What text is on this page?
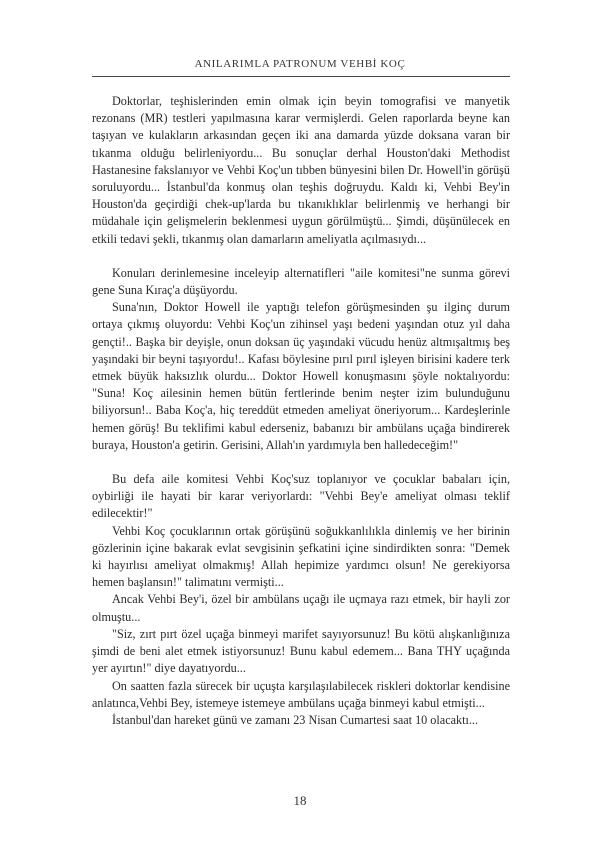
ANILARIMLA PATRONUM VEHBİ KOÇ

Doktorlar, teşhislerinden emin olmak için beyin tomografisi ve manyetik rezonans (MR) testleri yapılmasına karar vermişlerdi. Gelen raporlarda beyne kan taşıyan ve kulakların arkasından geçen iki ana damarda yüzde doksana varan bir tıkanma olduğu belirleniyordu... Bu sonuçlar derhal Houston'daki Methodist Hastanesine fakslanıyor ve Vehbi Koç'un tıbben bünyesini bilen Dr. Howell'in görüşü soruluyordu... İstanbul'da konmuş olan teşhis doğruydu. Kaldı ki, Vehbi Bey'in Houston'da geçirdiği chek-up'larda bu tıkanıklıklar belirlenmiş ve herhangi bir müdahale için gelişmelerin beklenmesi uygun görülmüştü... Şimdi, düşünülecek en etkili tedavi şekli, tıkanmış olan damarların ameliyatla açılmasıydı...

Konuları derinlemesine inceleyip alternatifleri "aile komitesi"ne sunma görevi gene Suna Kıraç'a düşüyordu.

Suna'nın, Doktor Howell ile yaptığı telefon görüşmesinden şu ilginç durum ortaya çıkmış oluyordu: Vehbi Koç'un zihinsel yaşı bedeni yaşından otuz yıl daha gençti!.. Başka bir deyişle, onun doksan üç yaşındaki vücudu henüz altmışaltmış beş yaşındaki bir beyni taşıyordu!.. Kafası böylesine pırıl pırıl işleyen birisini kadere terk etmek büyük haksızlık olurdu... Doktor Howell konuşmasını şöyle noktalıyordu: "Suna! Koç ailesinin hemen bütün fertlerinde benim neşter izim bulunduğunu biliyorsun!.. Baba Koç'a, hiç tereddüt etmeden ameliyat öneriyorum... Kardeşlerinle hemen görüş! Bu teklifimi kabul ederseniz, babanızı bir ambülans uçağa bindirerek buraya, Houston'a getirin. Gerisini, Allah'ın yardımıyla ben halledeceğim!"

Bu defa aile komitesi Vehbi Koç'suz toplanıyor ve çocuklar babaları için, oybirliği ile hayati bir karar veriyorlardı: "Vehbi Bey'e ameliyat olması teklif edilecektir!"

Vehbi Koç çocuklarının ortak görüşünü soğukkanlılıkla dinlemiş ve her birinin gözlerinin içine bakarak evlat sevgisinin şefkatini içine sindirdikten sonra: "Demek ki hayırlısı ameliyat olmakmış! Allah hepimize yardımcı olsun! Ne gerekiyorsa hemen başlansın!" talimatını vermişti...

Ancak Vehbi Bey'i, özel bir ambülans uçağı ile uçmaya razı etmek, bir hayli zor olmuştu...

"Siz, zırt pırt özel uçağa binmeyi marifet sayıyorsunuz! Bu kötü alışkanlığınıza şimdi de beni alet etmek istiyorsunuz! Bunu kabul edemem... Bana THY uçağında yer ayırtın!" diye dayatıyordu...

On saatten fazla sürecek bir uçuşta karşılaşılabilecek riskleri doktorlar kendisine anlatınca,Vehbi Bey, istemeye istemeye ambülans uçağa binmeyi kabul etmişti...

İstanbul'dan hareket günü ve zamanı 23 Nisan Cumartesi saat 10 olacaktı...

18
